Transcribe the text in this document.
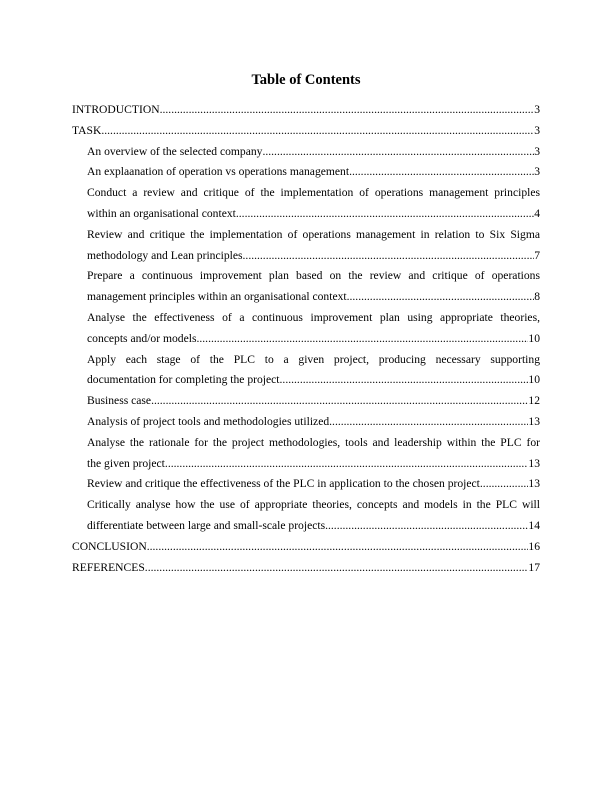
Table of Contents
INTRODUCTION .....	3
TASK .....	3
An overview of the selected company .....	3
An explaanation of operation vs operations management .....	3
Conduct a review and critique of the implementation of operations management principles
within an organisational context .....	4
Review and critique the implementation of operations management in relation to Six Sigma
methodology and Lean principles .....	7
Prepare a continuous improvement plan based on the review and critique of operations
management principles within an organisational context .....	8
Analyse the effectiveness of a continuous improvement plan using appropriate theories,
concepts and/or models .....	10
Apply each stage of the PLC to a given project, producing necessary supporting
documentation for completing the project .....	10
Business case .....	12
Analysis of project tools and methodologies utilized .....	13
Analyse the rationale for the project methodologies, tools and leadership within the PLC for
the given project .....	13
Review and critique the effectiveness of the PLC in application to the chosen project .....	13
Critically analyse how the use of appropriate theories, concepts and models in the PLC will
differentiate between large and small-scale projects .....	14
CONCLUSION .....	16
REFERENCES .....	17
